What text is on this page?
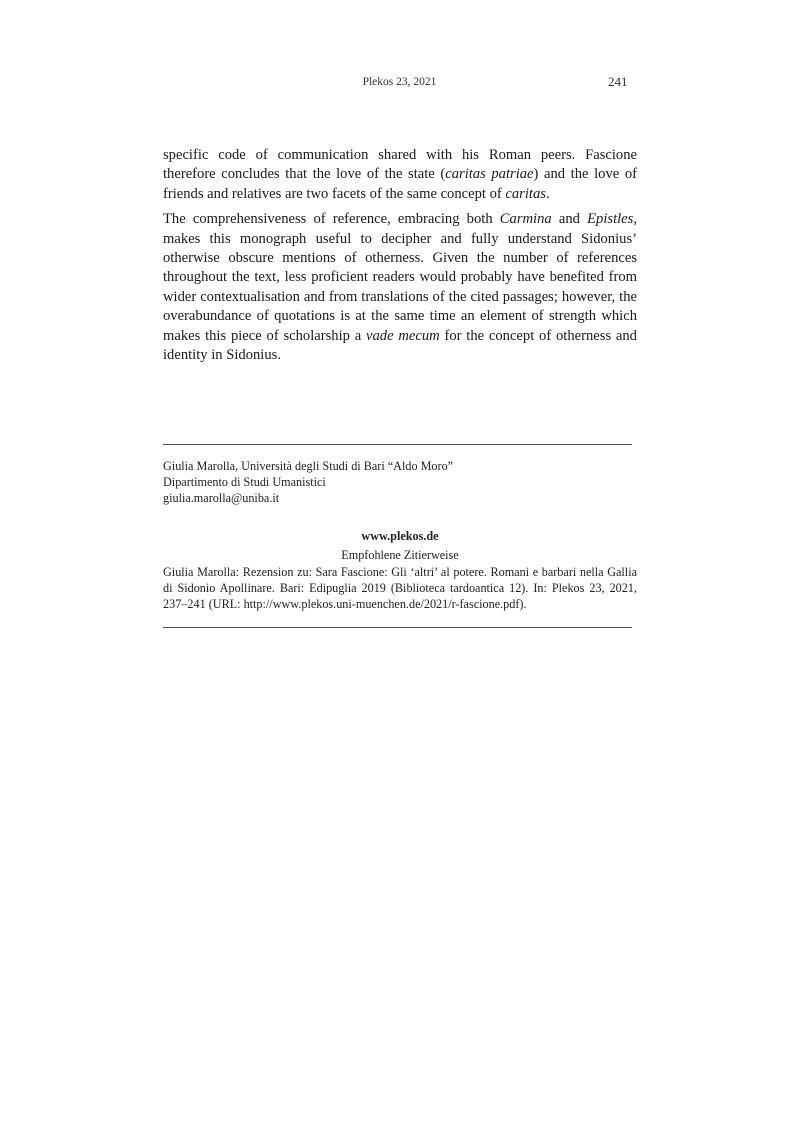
Plekos 23, 2021	241

specific code of communication shared with his Roman peers. Fascione therefore concludes that the love of the state (caritas patriae) and the love of friends and relatives are two facets of the same concept of caritas.

The comprehensiveness of reference, embracing both Carmina and Epistles, makes this monograph useful to decipher and fully understand Sidonius’ otherwise obscure mentions of otherness. Given the number of references throughout the text, less proficient readers would probably have benefited from wider contextualisation and from translations of the cited passages; however, the overabundance of quotations is at the same time an element of strength which makes this piece of scholarship a vade mecum for the concept of otherness and identity in Sidonius.

Giulia Marolla, Università degli Studi di Bari “Aldo Moro”
Dipartimento di Studi Umanistici
giulia.marolla@uniba.it
www.plekos.de
Empfohlene Zitierweise
Giulia Marolla: Rezension zu: Sara Fascione: Gli ‘altri’ al potere. Romani e barbari nella Gallia di Sidonio Apollinare. Bari: Edipuglia 2019 (Biblioteca tardoantica 12). In: Plekos 23, 2021, 237–241 (URL: http://www.plekos.uni-muenchen.de/2021/r-fascione.pdf).
